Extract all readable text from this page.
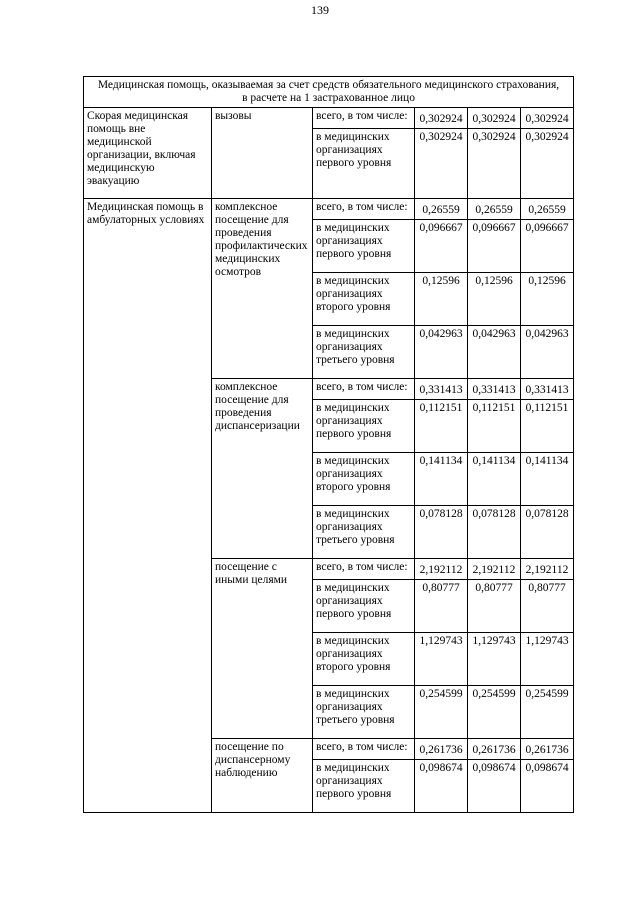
139
Медицинская помощь, оказываемая за счет средств обязательного медицинского страхования,
в расчете на 1 застрахованное лицо					

Скорая медицинская помощь вне медицинской организации, включая медицинскую эвакуацию	вызовы	всего, в том числе:	0,302924	0,302924	0,302924
		в медицинских организациях первого уровня	0,302924	0,302924	0,302924
Медицинская помощь в амбулаторных условиях	комплексное посещение для проведения профилактических медицинских осмотров	всего, в том числе:	0,26559	0,26559	0,26559
		в медицинских организациях первого уровня	0,096667	0,096667	0,096667
		в медицинских организациях второго уровня	0,12596	0,12596	0,12596
		в медицинских организациях третьего уровня	0,042963	0,042963	0,042963
	комплексное посещение для проведения диспансеризации	всего, в том числе:	0,331413	0,331413	0,331413
		в медицинских организациях первого уровня	0,112151	0,112151	0,112151
		в медицинских организациях второго уровня	0,141134	0,141134	0,141134
		в медицинских организациях третьего уровня	0,078128	0,078128	0,078128
	посещение с иными целями	всего, в том числе:	2,192112	2,192112	2,192112
		в медицинских организациях первого уровня	0,80777	0,80777	0,80777
		в медицинских организациях второго уровня	1,129743	1,129743	1,129743
		в медицинских организациях третьего уровня	0,254599	0,254599	0,254599
	посещение по диспансерному наблюдению	всего, в том числе:	0,261736	0,261736	0,261736
		в медицинских организациях первого уровня	0,098674	0,098674	0,098674
